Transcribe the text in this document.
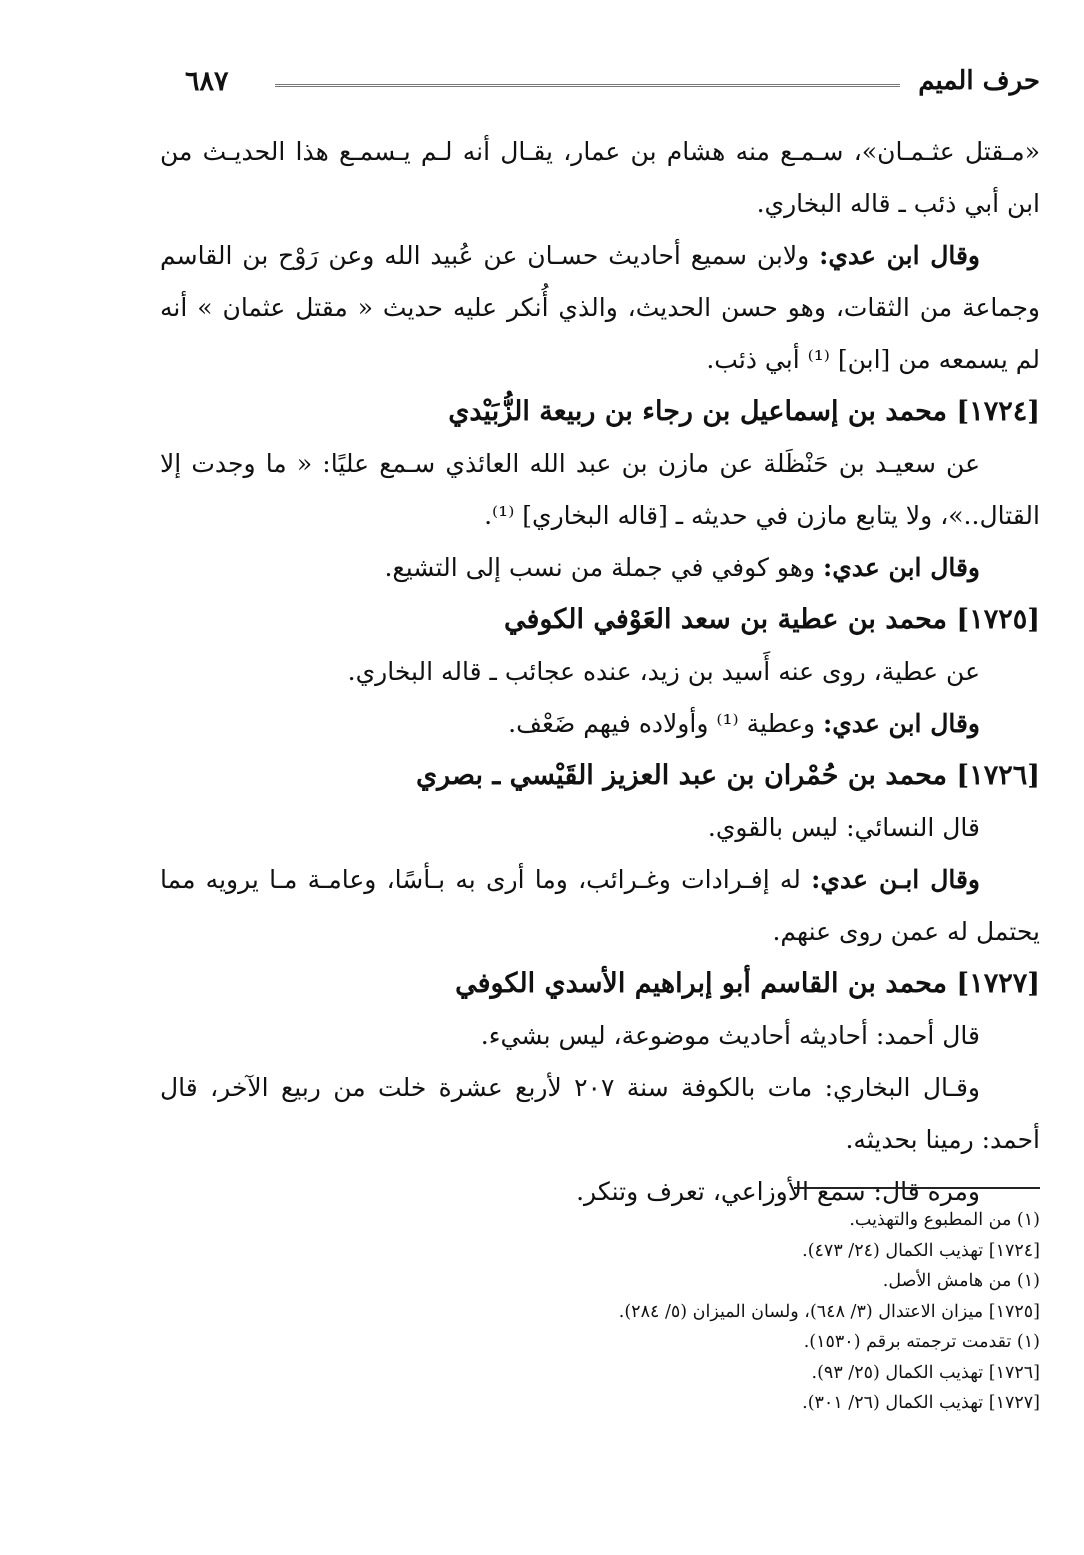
حرف الميم
٦٨٧
«مـقتل عثـمـان»، سـمـع منه هشام بن عمار، يقـال أنه لـم يـسمـع هذا الحديـث من
ابن أبي ذئب ـ قاله البخاري.
وقال ابن عدي: ولابن سميع أحاديث حسـان عن عُبيد الله وعن رَوْح بن القاسم
وجماعة من الثقات، وهو حسن الحديث، والذي أُنكر عليه حديث « مقتل عثمان » أنه
لم يسمعه من [ابن] ⁽¹⁾ أبي ذئب.
[١٧٢٤] محمد بن إسماعيل بن رجاء بن ربيعة الزُّبَيْدي
عن سعيـد بن حَنْظَلة عن مازن بن عبد الله العائذي سـمع عليًا: « ما وجدت إلا
القتال..»، ولا يتابع مازن في حديثه ـ [قاله البخاري] ⁽¹⁾.
وقال ابن عدي: وهو كوفي في جملة من نسب إلى التشيع.
[١٧٢٥] محمد بن عطية بن سعد العَوْفي الكوفي
عن عطية، روى عنه أَسيد بن زيد، عنده عجائب ـ قاله البخاري.
وقال ابن عدي: وعطية ⁽¹⁾ وأولاده فيهم ضَعْف.
[١٧٢٦] محمد بن حُمْران بن عبد العزيز القَيْسي ـ بصري
قال النسائي: ليس بالقوي.
وقال ابـن عدي: له إفـرادات وغـرائب، وما أرى به بـأسًا، وعامـة مـا يرويه مما
يحتمل له عمن روى عنهم.
[١٧٢٧] محمد بن القاسم أبو إبراهيم الأسدي الكوفي
قال أحمد: أحاديثه أحاديث موضوعة، ليس بشيء.
وقـال البخاري: مات بالكوفة سنة ٢٠٧ لأربع عشرة خلت من ربيع الآخر، قال
أحمد: رمينا بحديثه.
ومرة قال: سمع الأوزاعي، تعرف وتنكر.
(١) من المطبوع والتهذيب.
[١٧٢٤] تهذيب الكمال (٢٤/ ٤٧٣).
(١) من هامش الأصل.
[١٧٢٥] ميزان الاعتدال (٣/ ٦٤٨)، ولسان الميزان (٥/ ٢٨٤).
(١) تقدمت ترجمته برقم (١٥٣٠).
[١٧٢٦] تهذيب الكمال (٢٥/ ٩٣).
[١٧٢٧] تهذيب الكمال (٢٦/ ٣٠١).
